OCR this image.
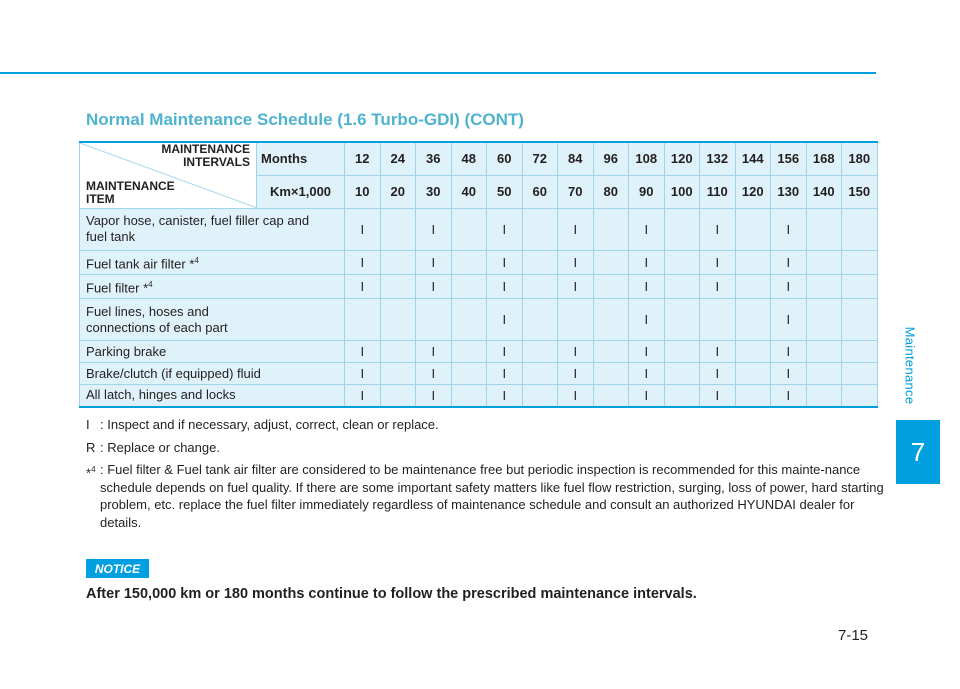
Maintenance
7
Normal Maintenance Schedule (1.6 Turbo-GDI) (CONT)
MAINTENANCE
INTERVALS
MAINTENANCE
ITEM	Months	12	24	36	48	60	72	84	96	108	120	132	144	156	168	180
	Km×1,000	10	20	30	40	50	60	70	80	90	100	110	120	130	140	150

Vapor hose, canister, fuel filler cap and
fuel tank		I		I		I		I		I		I		I		

Fuel tank air filter *$^4$		I		I		I		I		I		I		I		

Fuel filter *$^4$		I		I		I		I		I		I		I		

Fuel lines, hoses and
connections of each part						I				I				I		

Parking brake		I		I		I		I		I		I		I		

Brake/clutch (if equipped) fluid		I		I		I		I		I		I		I		

All latch, hinges and locks		I		I		I		I		I		I		I		
I : Inspect and if necessary, adjust, correct, clean or replace.
R : Replace or change.
*$^4$ : Fuel filter & Fuel tank air filter are considered to be maintenance free but periodic inspection is recommended for this mainte-nance schedule depends on fuel quality. If there are some important safety matters like fuel flow restriction, surging, loss of power, hard starting problem, etc. replace the fuel filter immediately regardless of maintenance schedule and consult an authorized HYUNDAI dealer for details.
NOTICE
After 150,000 km or 180 months continue to follow the prescribed maintenance intervals.
7-15
